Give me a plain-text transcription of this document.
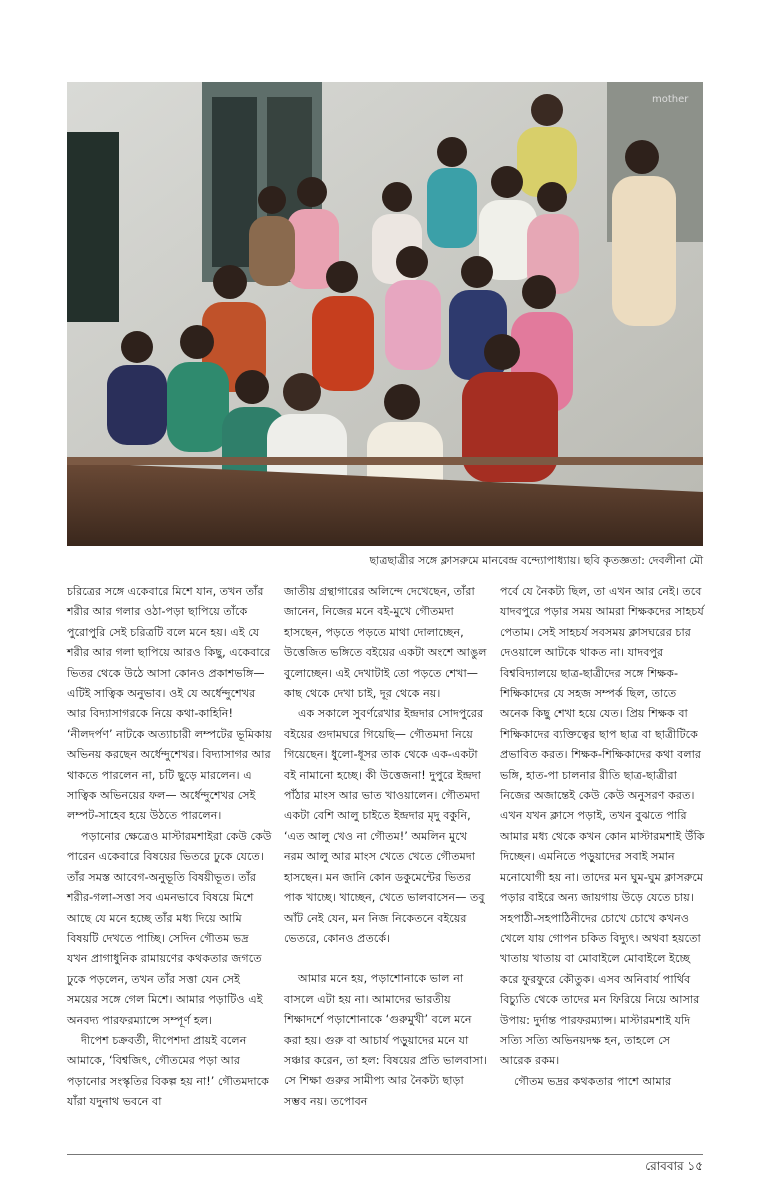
mother
ছাত্রছাত্রীর সঙ্গে ক্লাসরুমে মানবেন্দ্র বন্দ্যোপাধ্যায়। ছবি কৃতজ্ঞতা: দেবলীনা মৌ

চরিত্রের সঙ্গে একেবারে মিশে যান, তখন তাঁর শরীর আর গলার ওঠা-পড়া ছাপিয়ে তাঁকে পুরোপুরি সেই চরিত্রটি বলে মনে হয়। এই যে শরীর আর গলা ছাপিয়ে আরও কিছু, একেবারে ভিতর থেকে উঠে আসা কোনও প্রকাশভঙ্গি— এটিই সাত্বিক অনুভাব। ওই যে অর্ধেন্দুশেখর আর বিদ্যাসাগরকে নিয়ে কথা-কাহিনি! ‘নীলদর্পণ’ নাটকে অত্যাচারী লম্পটের ভূমিকায় অভিনয় করছেন অর্ধেন্দুশেখর। বিদ্যাসাগর আর থাকতে পারলেন না, চটি ছুড়ে মারলেন। এ সাত্বিক অভিনয়ের ফল— অর্ধেন্দুশেখর সেই লম্পট-সাহেব হয়ে উঠতে পারলেন।

পড়ানোর ক্ষেত্রেও মাস্টারমশাইরা কেউ কেউ পারেন একেবারে বিষয়ের ভিতরে ঢুকে যেতে। তাঁর সমস্ত আবেগ-অনুভূতি বিষয়ীভূত। তাঁর শরীর-গলা-সত্তা সব এমনভাবে বিষয়ে মিশে আছে যে মনে হচ্ছে তাঁর মধ্য দিয়ে আমি বিষয়টি দেখতে পাচ্ছি। সেদিন গৌতম ভদ্র যখন প্রাগাধুনিক রামায়ণের কথকতার জগতে ঢুকে পড়লেন, তখন তাঁর সত্তা যেন সেই সময়ের সঙ্গে গেল মিশে। আমার পড়াটিও এই অনবদ্য পারফরম্যান্সে সম্পূর্ণ হল।

দীপেশ চক্রবর্তী, দীপেশদা প্রায়ই বলেন আমাকে, ‘বিশ্বজিৎ, গৌতমের পড়া আর পড়ানোর সংস্কৃতির বিকল্প হয় না!’ গৌতমদাকে যাঁরা যদুনাথ ভবনে বা

জাতীয় গ্রন্থাগারের অলিন্দে দেখেছেন, তাঁরা জানেন, নিজের মনে বই-মুখে গৌতমদা হাসছেন, পড়তে পড়তে মাথা দোলাচ্ছেন, উত্তেজিত ভঙ্গিতে বইয়ের একটা অংশে আঙুল বুলোচ্ছেন। এই দেখাটাই তো পড়তে শেখা— কাছ থেকে দেখা চাই, দূর থেকে নয়।

এক সকালে সুবর্ণরেখার ইন্দ্রদার সোদপুরের বইয়ের গুদামঘরে গিয়েছি— গৌতমদা নিয়ে গিয়েছেন। ধুলো-ধূসর তাক থেকে এক-একটা বই নামানো হচ্ছে। কী উত্তেজনা! দুপুরে ইন্দ্রদা পাঁঠার মাংস আর ভাত খাওয়ালেন। গৌতমদা একটা বেশি আলু চাইতে ইন্দ্রদার মৃদু বকুনি, ‘এত আলু খেও না গৌতম!’ অমলিন মুখে নরম আলু আর মাংস খেতে খেতে গৌতমদা হাসছেন। মন জানি কোন ডকুমেন্টের ভিতর পাক খাচ্ছে। খাচ্ছেন, খেতে ভালবাসেন— তবু আঁট নেই যেন, মন নিজ নিকেতনে বইয়ের ভেতরে, কোনও প্রতর্কে।

আমার মনে হয়, পড়াশোনাকে ভাল না বাসলে এটা হয় না। আমাদের ভারতীয় শিক্ষাদর্শে পড়াশোনাকে ‘গুরুমুখী’ বলে মনে করা হয়। গুরু বা আচার্য পড়ুয়াদের মনে যা সঞ্চার করেন, তা হল: বিষয়ের প্রতি ভালবাসা। সে শিক্ষা গুরুর সামীপ্য আর নৈকট্য ছাড়া সম্ভব নয়। তপোবন

পর্বে যে নৈকট্য ছিল, তা এখন আর নেই। তবে যাদবপুরে পড়ার সময় আমরা শিক্ষকদের সাহচর্য পেতাম। সেই সাহচর্য সবসময় ক্লাসঘরের চার দেওয়ালে আটকে থাকত না। যাদবপুর বিশ্ববিদ্যালয়ে ছাত্র-ছাত্রীদের সঙ্গে শিক্ষক-শিক্ষিকাদের যে সহজ সম্পর্ক ছিল, তাতে অনেক কিছু শেখা হয়ে যেত। প্রিয় শিক্ষক বা শিক্ষিকাদের ব্যক্তিত্বের ছাপ ছাত্র বা ছাত্রীটিকে প্রভাবিত করত। শিক্ষক-শিক্ষিকাদের কথা বলার ভঙ্গি, হাত-পা চালনার রীতি ছাত্র-ছাত্রীরা নিজের অজান্তেই কেউ কেউ অনুসরণ করত। এখন যখন ক্লাসে পড়াই, তখন বুঝতে পারি আমার মধ্য থেকে কখন কোন মাস্টারমশাই উঁকি দিচ্ছেন। এমনিতে পড়ুয়াদের সবাই সমান মনোযোগী হয় না। তাদের মন ঘুম-ঘুম ক্লাসরুমে পড়ার বাইরে অন্য জায়গায় উড়ে যেতে চায়। সহপাঠী-সহপাঠিনীদের চোখে চোখে কখনও খেলে যায় গোপন চকিত বিদ্যুৎ। অথবা হয়তো খাতায় খাতায় বা মোবাইলে মোবাইলে ইচ্ছে করে ফুরফুরে কৌতুক। এসব অনিবার্য পার্থিব বিচ্যুতি থেকে তাদের মন ফিরিয়ে নিয়ে আসার উপায়: দুর্দান্ত পারফরম্যান্স। মাস্টারমশাই যদি সত্যি সত্যি অভিনয়দক্ষ হন, তাহলে সে আরেক রকম।

গৌতম ভদ্রর কথকতার পাশে আমার

রোববার ১৫
